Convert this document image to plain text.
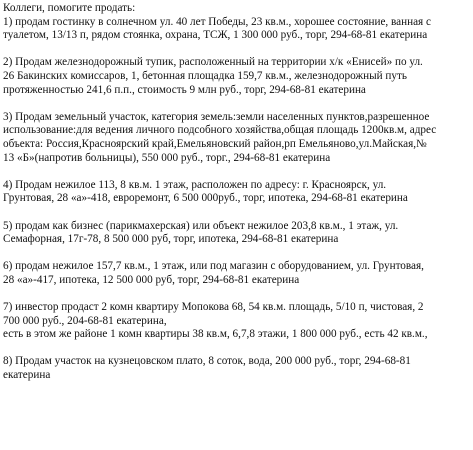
Коллеги, помогите продать:

1) продам гостинку в солнечном ул. 40 лет Победы, 23 кв.м., хорошее состояние, ванная с
туалетом, 13/13 п, рядом стоянка, охрана, ТСЖ, 1 300 000 руб., торг, 294-68-81 екатерина

2) Продам железнодорожный тупик, расположенный на территории х/к «Енисей» по ул.
26 Бакинских комиссаров, 1, бетонная площадка 159,7 кв.м., железнодорожный путь
протяженностью 241,6 п.п., стоимость 9 млн руб., торг, 294-68-81 екатерина

3) Продам земельный участок, категория земель:земли населенных пунктов,разрешенное
использование:для ведения личного подсобного хозяйства,общая площадь 1200кв.м, адрес
объекта: Россия,Красноярский край,Емельяновский район,рп Емельяново,ул.Майская,№
13 «Б»(напротив больницы), 550 000 руб., торг., 294-68-81 екатерина

4) Продам нежилое 113, 8 кв.м. 1 этаж, расположен по адресу: г. Красноярск, ул.
Грунтовая, 28 «а»-418, евроремонт, 6 500 000руб., торг, ипотека, 294-68-81 екатерина

5) продам как бизнес (парикмахерская) или объект нежилое 203,8 кв.м., 1 этаж, ул.
Семафорная, 17г-78, 8 500 000 руб, торг, ипотека, 294-68-81 екатерина

6) продам нежилое 157,7 кв.м., 1 этаж, или под магазин с оборудованием, ул. Грунтовая,
28 «а»-417, ипотека, 12 500 000 руб, торг, 294-68-81 екатерина

7) инвестор продаст 2 комн квартиру Мопокова 68, 54 кв.м. площадь, 5/10 п, чистовая, 2
700 000 руб., 204-68-81 екатерина,
есть в этом же районе 1 комн квартиры 38 кв.м, 6,7,8 этажи, 1 800 000 руб., есть 42 кв.м.,

8) Продам участок на кузнецовском плато, 8 соток, вода, 200 000 руб., торг, 294-68-81
екатерина
